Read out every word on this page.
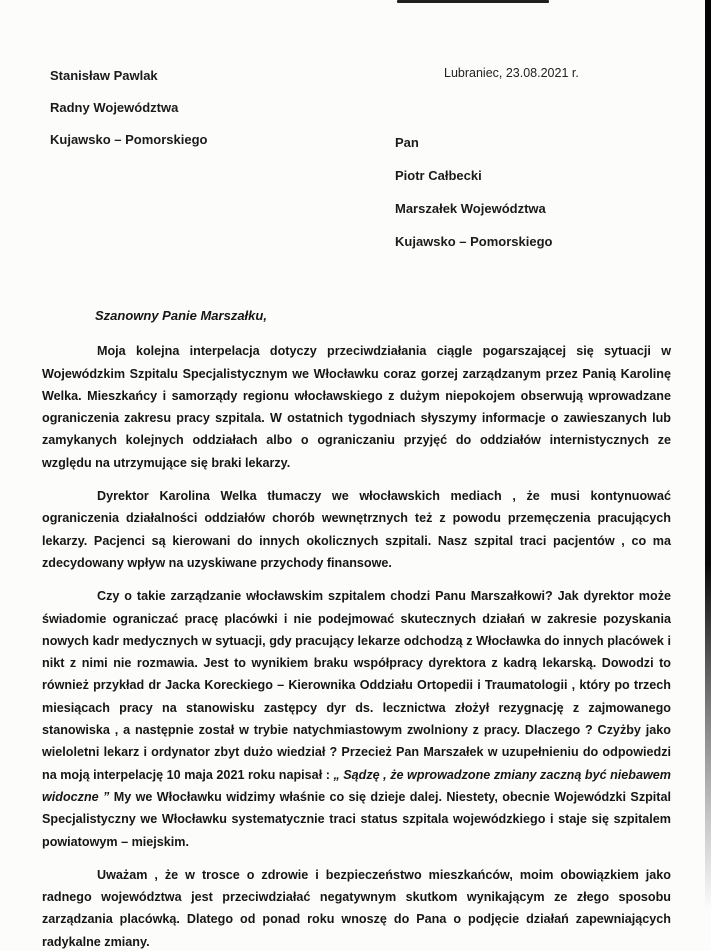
Stanisław Pawlak
Radny Województwa
Kujawsko – Pomorskiego
Lubraniec, 23.08.2021 r.
Pan
Piotr Całbecki
Marszałek Województwa
Kujawsko – Pomorskiego
Szanowny Panie Marszałku,

Moja kolejna interpelacja dotyczy przeciwdziałania ciągle pogarszającej się sytuacji w Wojewódzkim Szpitalu Specjalistycznym we Włocławku coraz gorzej zarządzanym przez Panią Karolinę Welka. Mieszkańcy i samorządy regionu włocławskiego z dużym niepokojem obserwują wprowadzane ograniczenia zakresu pracy szpitala. W ostatnich tygodniach słyszymy informacje o zawieszanych lub zamykanych kolejnych oddziałach albo o ograniczaniu przyjęć do oddziałów internistycznych ze względu na utrzymujące się braki lekarzy.

Dyrektor Karolina Welka tłumaczy we włocławskich mediach , że musi kontynuować ograniczenia działalności oddziałów chorób wewnętrznych też z powodu przemęczenia pracujących lekarzy. Pacjenci są kierowani do innych okolicznych szpitali. Nasz szpital traci pacjentów , co ma zdecydowany wpływ na uzyskiwane przychody finansowe.

Czy o takie zarządzanie włocławskim szpitalem chodzi Panu Marszałkowi? Jak dyrektor może świadomie ograniczać pracę placówki i nie podejmować skutecznych działań w zakresie pozyskania nowych kadr medycznych w sytuacji, gdy pracujący lekarze odchodzą z Włocławka do innych placówek i nikt z nimi nie rozmawia. Jest to wynikiem braku współpracy dyrektora z kadrą lekarską. Dowodzi to również przykład dr Jacka Koreckiego – Kierownika Oddziału Ortopedii i Traumatologii , który po trzech miesiącach pracy na stanowisku zastępcy dyr ds. lecznictwa złożył rezygnację z zajmowanego stanowiska , a następnie został w trybie natychmiastowym zwolniony z pracy. Dlaczego ? Czyżby jako wieloletni lekarz i ordynator zbyt dużo wiedział ? Przecież Pan Marszałek w uzupełnieniu do odpowiedzi na moją interpelację 10 maja 2021 roku napisał : „ Sądzę , że wprowadzone zmiany zaczną być niebawem widoczne ” My we Włocławku widzimy właśnie co się dzieje dalej. Niestety, obecnie Wojewódzki Szpital Specjalistyczny we Włocławku systematycznie traci status szpitala wojewódzkiego i staje się szpitalem powiatowym – miejskim.

Uważam , że w trosce o zdrowie i bezpieczeństwo mieszkańców, moim obowiązkiem jako radnego województwa jest przeciwdziałać negatywnym skutkom wynikającym ze złego sposobu zarządzania placówką. Dlatego od ponad roku wnoszę do Pana o podjęcie działań zapewniających radykalne zmiany.
